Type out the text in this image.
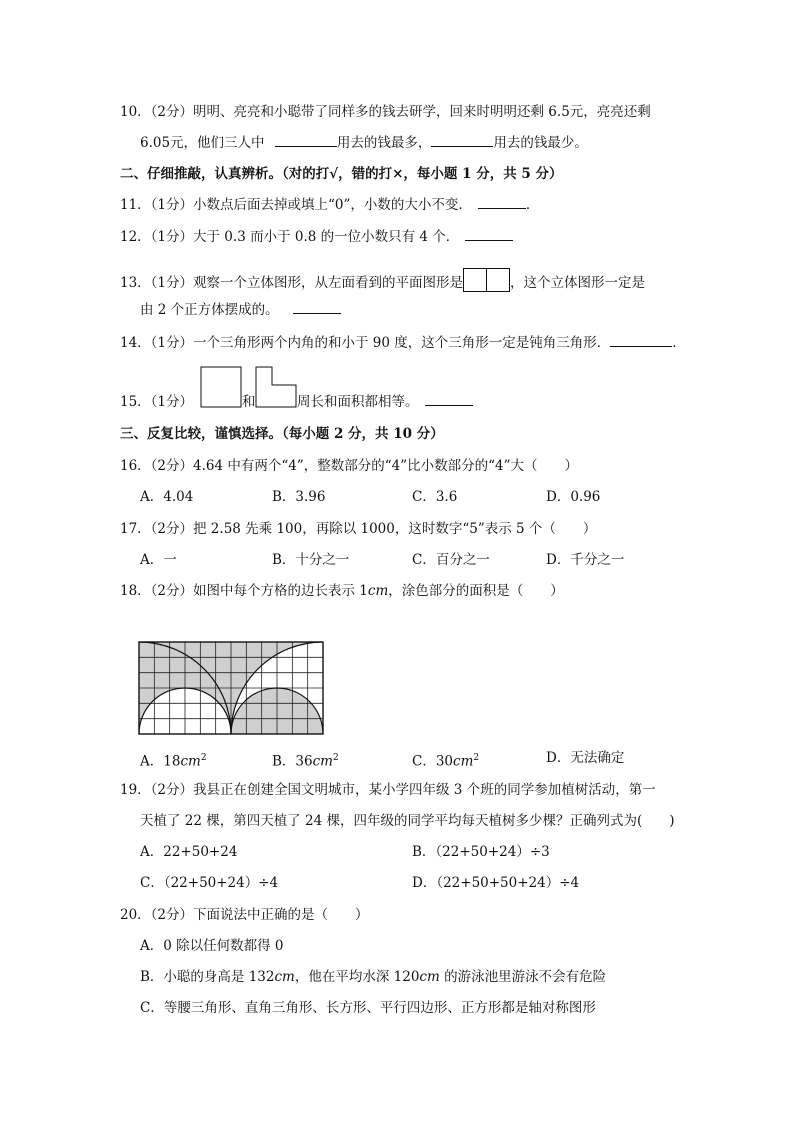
10．（2分）明明、亮亮和小聪带了同样多的钱去研学，回来时明明还剩 6.5元，亮亮还剩
6.05元，他们三人中	用去的钱最多，	用去的钱最少。
二、仔细推敲，认真辨析。（对的打√，错的打×，每小题 1 分，共 5 分）
11．（1分）小数点后面去掉或填上“0”，小数的大小不变．	．
12．（1分）大于 0.3 而小于 0.8 的一位小数只有 4 个．
13．（1分）观察一个立体图形，从左面看到的平面图形是	，这个立体图形一定是
由 2 个正方体摆成的。
14．（1分）一个三角形两个内角的和小于 90 度，这个三角形一定是钝角三角形．	．
15．（1分）	和	周长和面积都相等。
三、反复比较，谨慎选择。（每小题 2 分，共 10 分）
16．（2分）4.64 中有两个“4”，整数部分的“4”比小数部分的“4”大（　　）
A．4.04	B．3.96	C．3.6	D．0.96
17．（2分）把 2.58 先乘 100，再除以 1000，这时数字“5”表示 5 个（　　）
A．一	B．十分之一	C．百分之一	D．千分之一
18．（2分）如图中每个方格的边长表示 1cm，涂色部分的面积是（　　）
A．$18cm^2$	B．$36cm^2$	C．$30cm^2$	D．无法确定
19．（2分）我县正在创建全国文明城市，某小学四年级 3 个班的同学参加植树活动，第一
天植了 22 棵，第四天植了 24 棵，四年级的同学平均每天植树多少棵？正确列式为(　　)
A．22+50+24	B．（22+50+24）÷3
C．（22+50+24）÷4	D．（22+50+50+24）÷4
20．（2分）下面说法中正确的是（　　）
A．0 除以任何数都得 0
B．小聪的身高是 132cm，他在平均水深 120cm 的游泳池里游泳不会有危险
C．等腰三角形、直角三角形、长方形、平行四边形、正方形都是轴对称图形
